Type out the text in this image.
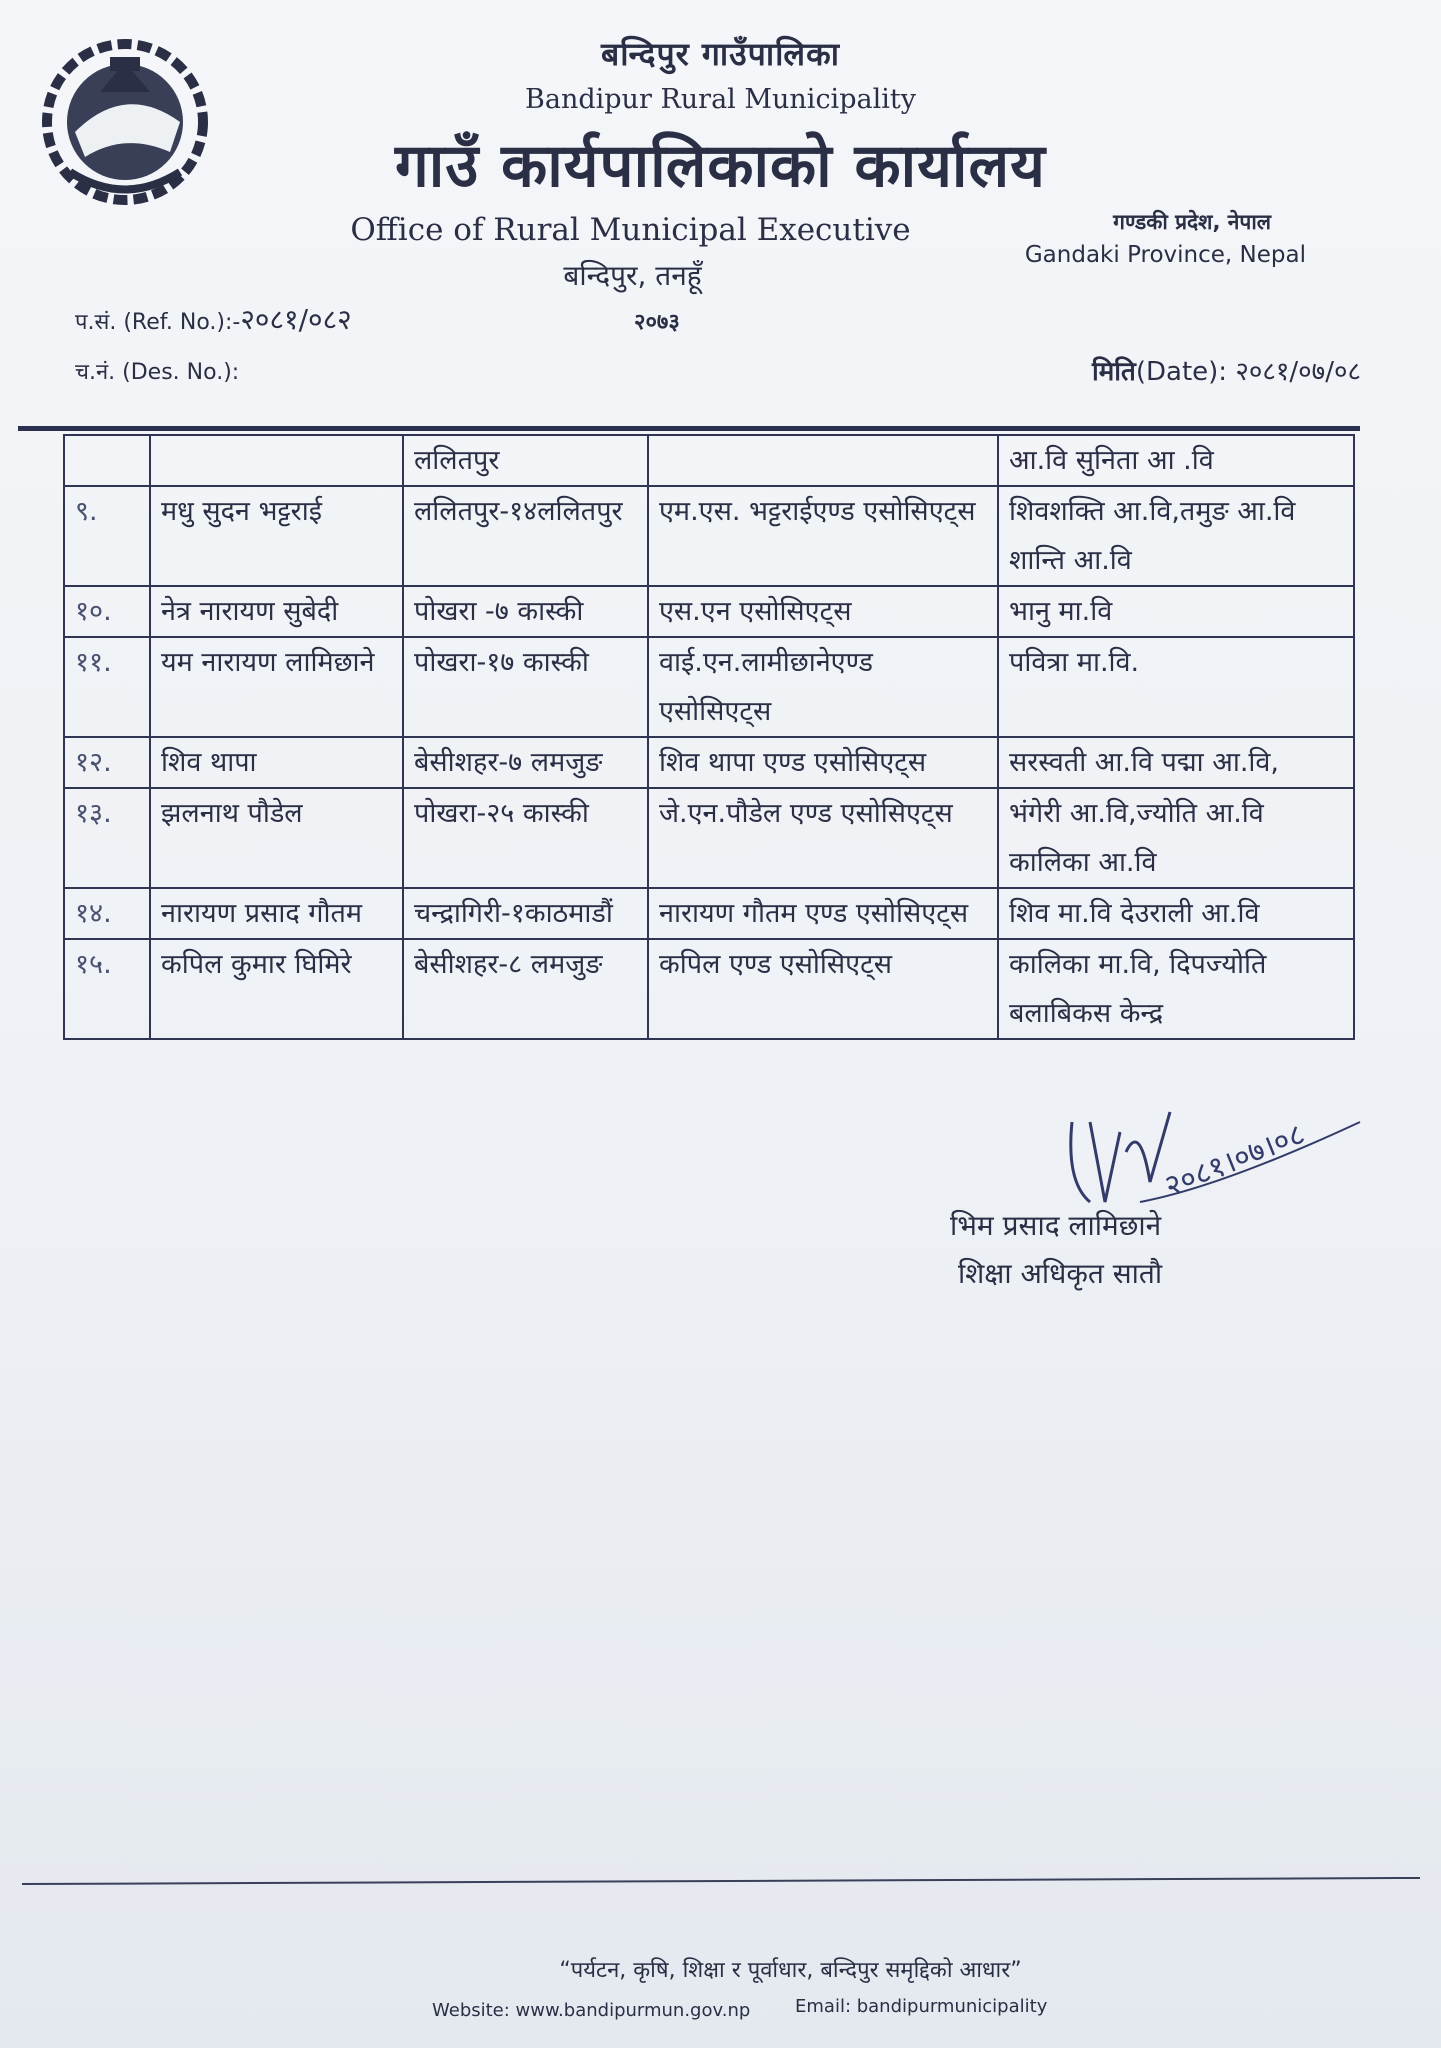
बन्दिपुर गाउँपालिका
Bandipur Rural Municipality
गाउँ कार्यपालिकाको कार्यालय
Office of Rural Municipal Executive
बन्दिपुर, तनहूँ
गण्डकी प्रदेश, नेपाल
Gandaki Province, Nepal
प.सं. (Ref. No.):-२०८१/०८२	२०७३
च.नं. (Des. No.):	मिति(Date): २०८१/०७/०८
		ललितपुर		आ.वि सुनिता आ .वि
९.	मधु सुदन भट्टराई	ललितपुर-१४ललितपुर	एम.एस. भट्टराईएण्ड एसोसिएट्स	शिवशक्ति आ.वि,तमुङ आ.वि शान्ति आ.वि
१०.	नेत्र नारायण सुबेदी	पोखरा -७ कास्की	एस.एन एसोसिएट्स	भानु मा.वि
११.	यम नारायण लामिछाने	पोखरा-१७ कास्की	वाई.एन.लामीछानेएण्ड एसोसिएट्स	पवित्रा मा.वि.
१२.	शिव थापा	बेसीशहर-७ लमजुङ	शिव थापा एण्ड एसोसिएट्स	सरस्वती आ.वि पद्मा आ.वि,
१३.	झलनाथ पौडेल	पोखरा-२५ कास्की	जे.एन.पौडेल एण्ड एसोसिएट्स	भंगेरी आ.वि,ज्योति आ.वि कालिका आ.वि
१४.	नारायण प्रसाद गौतम	चन्द्रागिरी-१काठमाडौं	नारायण गौतम एण्ड एसोसिएट्स	शिव मा.वि देउराली आ.वि
१५.	कपिल कुमार घिमिरे	बेसीशहर-८ लमजुङ	कपिल एण्ड एसोसिएट्स	कालिका मा.वि, दिपज्योति बलाबिकस केन्द्र
२०८१।०७।०८
भिम प्रसाद लामिछाने
शिक्षा अधिकृत सातौ
“पर्यटन, कृषि, शिक्षा र पूर्वाधार, बन्दिपुर समृद्दिको आधार”
Website: www.bandipurmun.gov.np Email: bandipurmunicipality
